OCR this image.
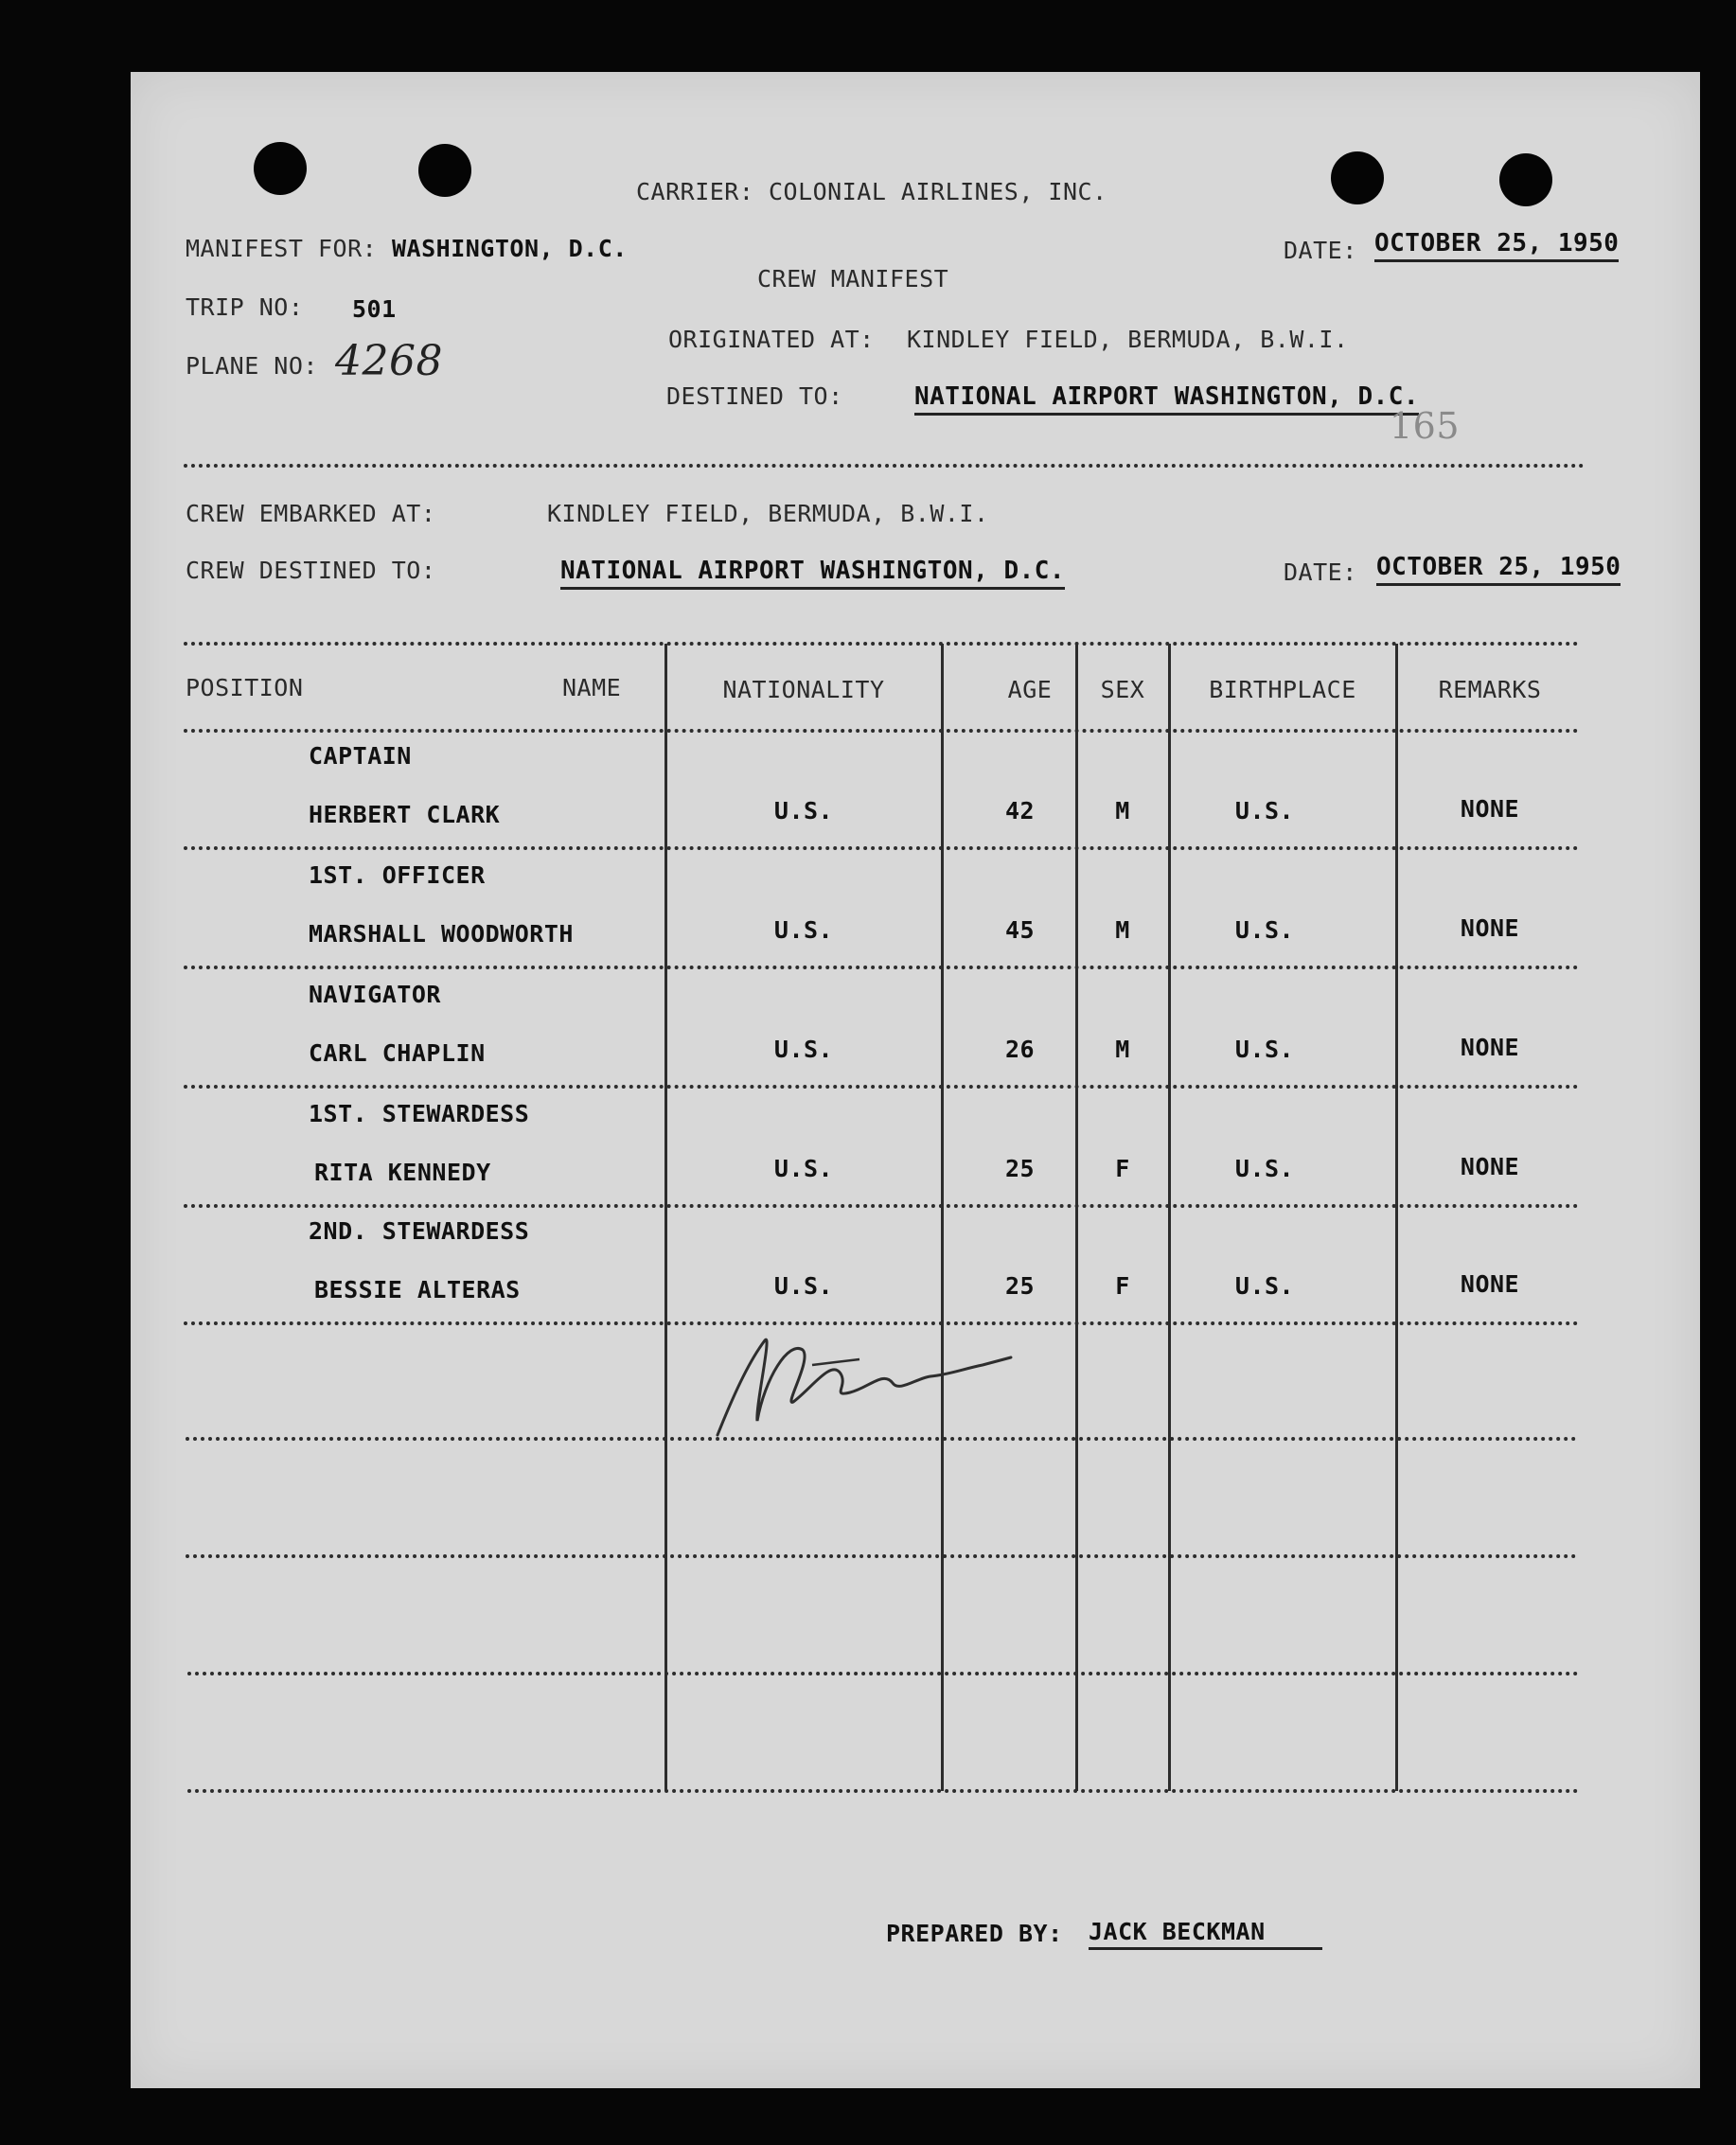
CARRIER: COLONIAL AIRLINES, INC.
MANIFEST FOR: WASHINGTON, D.C.	DATE: OCTOBER 25, 1950
CREW MANIFEST
TRIP NO: 501
ORIGINATED AT: KINDLEY FIELD, BERMUDA, B.W.I.
PLANE NO: 4268
DESTINED TO:	NATIONAL AIRPORT WASHINGTON, D.C.
165
CREW EMBARKED AT:	KINDLEY FIELD, BERMUDA, B.W.I.
CREW DESTINED TO:	NATIONAL AIRPORT WASHINGTON, D.C.	DATE: OCTOBER 25, 1950
POSITION	NAME	NATIONALITY	AGE	SEX	BIRTHPLACE	REMARKS
CAPTAIN
HERBERT CLARK	U.S.	42	M	U.S.	NONE
1ST. OFFICER
MARSHALL WOODWORTH	U.S.	45	M	U.S.	NONE
NAVIGATOR
CARL CHAPLIN	U.S.	26	M	U.S.	NONE
1ST. STEWARDESS
RITA KENNEDY	U.S.	25	F	U.S.	NONE
2ND. STEWARDESS
BESSIE ALTERAS	U.S.	25	F	U.S.	NONE
PREPARED BY: JACK BECKMAN
